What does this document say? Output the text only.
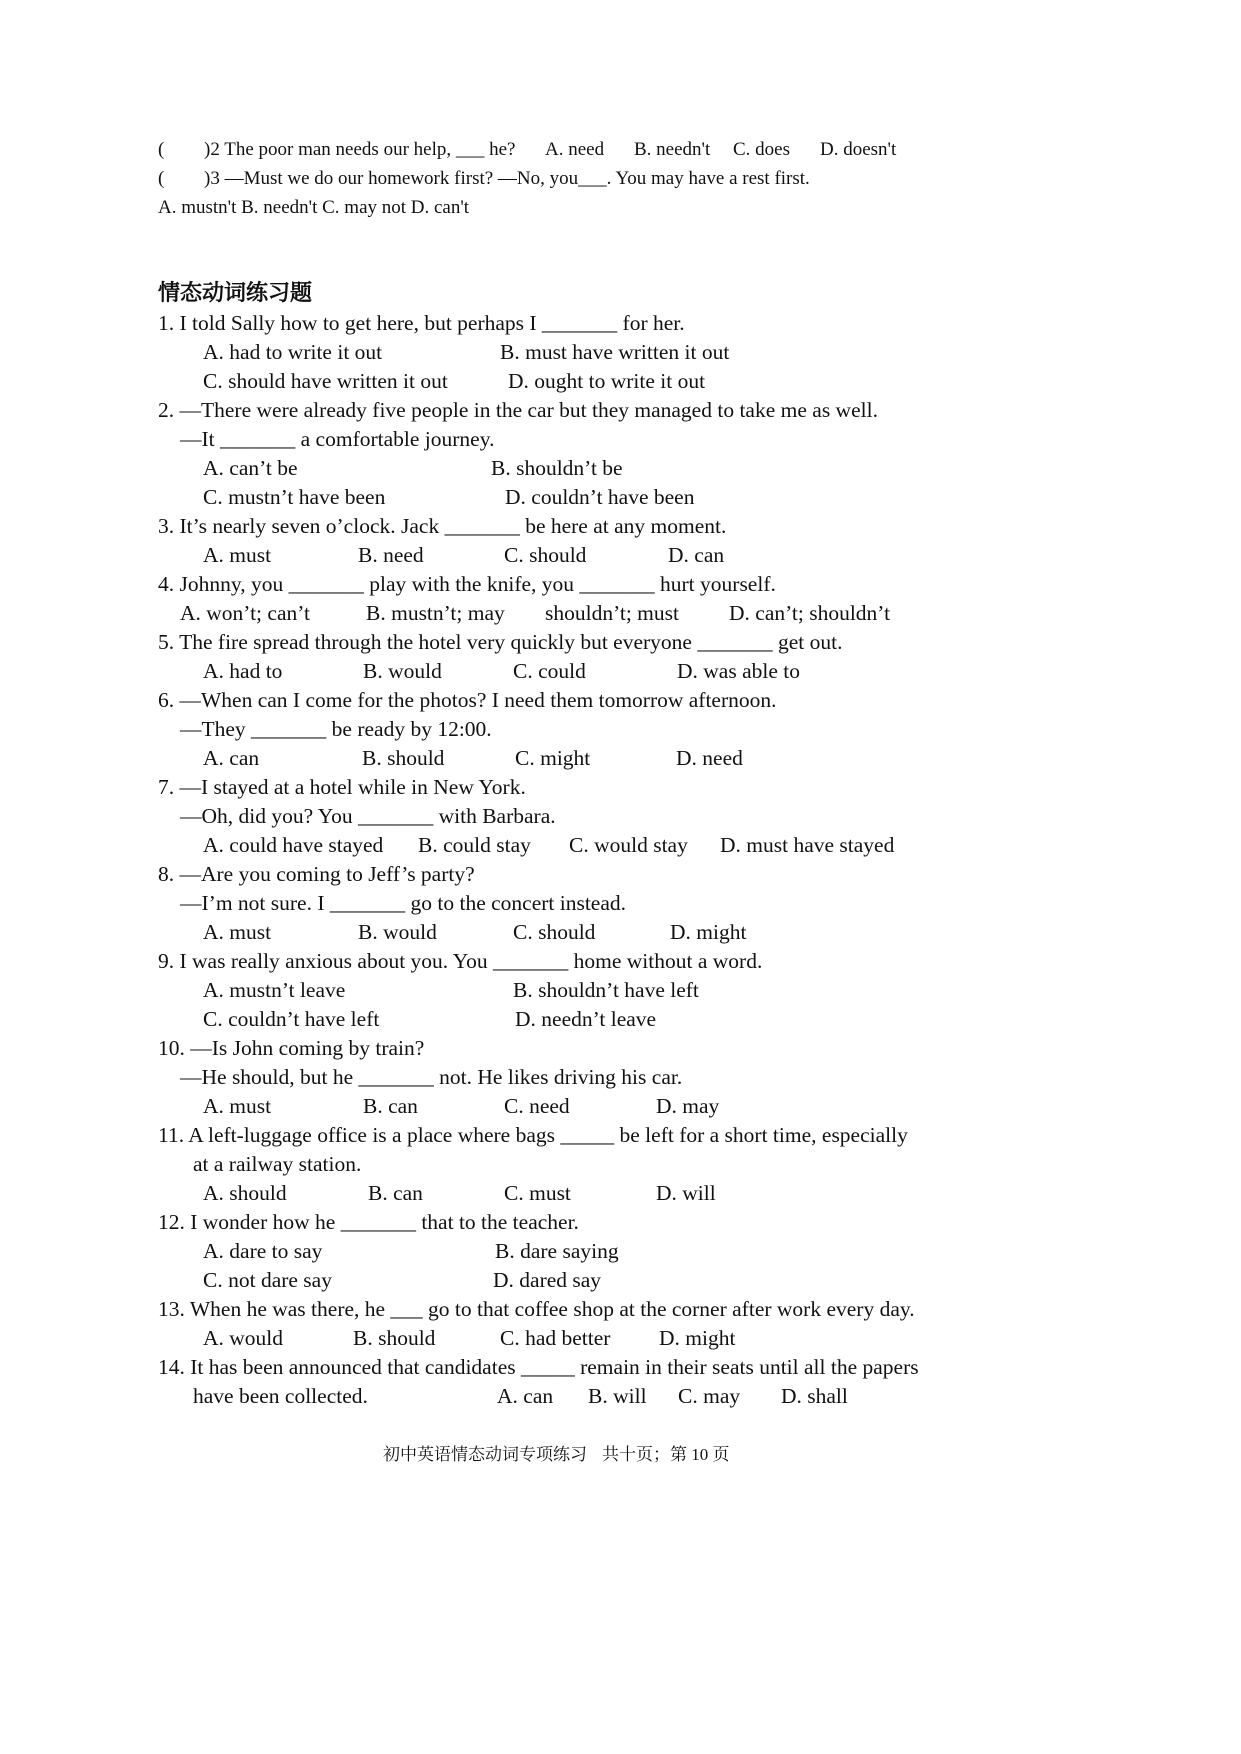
( )2 The poor man needs our help, ___ he? A. need B. needn't C. does D. doesn't
( )3 —Must we do our homework first? —No, you___. You may have a rest first.
A. mustn't B. needn't C. may not D. can't
情态动词练习题
1. I told Sally how to get here, but perhaps I _______ for her.
A. had to write it out	B. must have written it out
C. should have written it out	D. ought to write it out
2. —There were already five people in the car but they managed to take me as well.
—It _______ a comfortable journey.
A. can’t be	B. shouldn’t be
C. mustn’t have been	D. couldn’t have been
3. It’s nearly seven o’clock. Jack _______ be here at any moment.
A. must	B. need	C. should	D. can
4. Johnny, you _______ play with the knife, you _______ hurt yourself.
A. won’t; can’t	B. mustn’t; may shouldn’t; must D. can’t; shouldn’t
5. The fire spread through the hotel very quickly but everyone _______ get out.
A. had to	B. would	C. could	D. was able to
6. —When can I come for the photos? I need them tomorrow afternoon.
—They _______ be ready by 12:00.
A. can	B. should	C. might	D. need
7. —I stayed at a hotel while in New York.
—Oh, did you? You _______ with Barbara.
A. could have stayed B. could stay C. would stay D. must have stayed
8. —Are you coming to Jeff’s party?
—I’m not sure. I _______ go to the concert instead.
A. must	B. would	C. should	D. might
9. I was really anxious about you. You _______ home without a word.
A. mustn’t leave	B. shouldn’t have left
C. couldn’t have left	D. needn’t leave
10. —Is John coming by train?
—He should, but he _______ not. He likes driving his car.
A. must	B. can	C. need	D. may
11. A left-luggage office is a place where bags _____ be left for a short time, especially
at a railway station.
A. should	B. can	C. must	D. will
12. I wonder how he _______ that to the teacher.
A. dare to say	B. dare saying
C. not dare say	D. dared say
13. When he was there, he ___ go to that coffee shop at the corner after work every day.
A. would	B. should	C. had better D. might
14. It has been announced that candidates _____ remain in their seats until all the papers
have been collected.	A. can B. will C. may D. shall
初中英语情态动词专项练习 共十页；第 10 页
